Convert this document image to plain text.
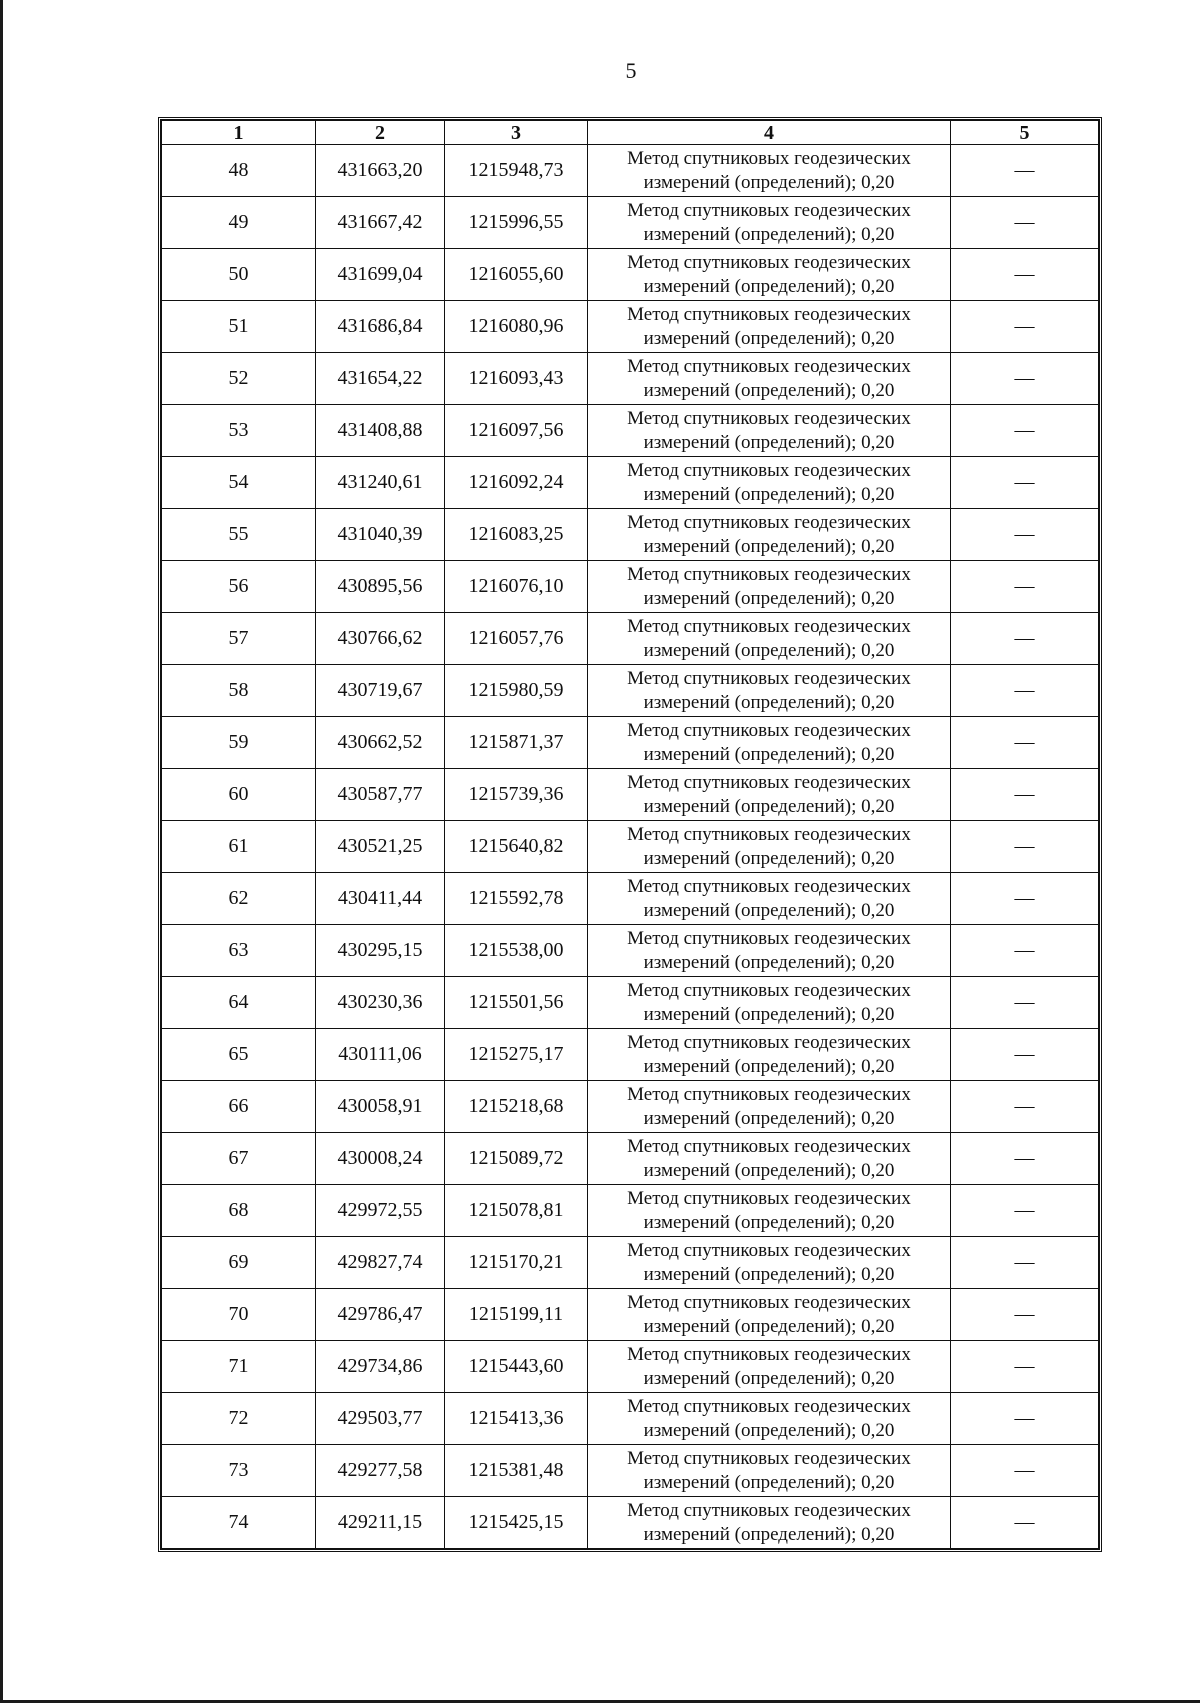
5
1	2	3	4	5
48	431663,20	1215948,73	Метод спутниковых геодезических
измерений (определений); 0,20	—
49	431667,42	1215996,55	Метод спутниковых геодезических
измерений (определений); 0,20	—
50	431699,04	1216055,60	Метод спутниковых геодезических
измерений (определений); 0,20	—
51	431686,84	1216080,96	Метод спутниковых геодезических
измерений (определений); 0,20	—
52	431654,22	1216093,43	Метод спутниковых геодезических
измерений (определений); 0,20	—
53	431408,88	1216097,56	Метод спутниковых геодезических
измерений (определений); 0,20	—
54	431240,61	1216092,24	Метод спутниковых геодезических
измерений (определений); 0,20	—
55	431040,39	1216083,25	Метод спутниковых геодезических
измерений (определений); 0,20	—
56	430895,56	1216076,10	Метод спутниковых геодезических
измерений (определений); 0,20	—
57	430766,62	1216057,76	Метод спутниковых геодезических
измерений (определений); 0,20	—
58	430719,67	1215980,59	Метод спутниковых геодезических
измерений (определений); 0,20	—
59	430662,52	1215871,37	Метод спутниковых геодезических
измерений (определений); 0,20	—
60	430587,77	1215739,36	Метод спутниковых геодезических
измерений (определений); 0,20	—
61	430521,25	1215640,82	Метод спутниковых геодезических
измерений (определений); 0,20	—
62	430411,44	1215592,78	Метод спутниковых геодезических
измерений (определений); 0,20	—
63	430295,15	1215538,00	Метод спутниковых геодезических
измерений (определений); 0,20	—
64	430230,36	1215501,56	Метод спутниковых геодезических
измерений (определений); 0,20	—
65	430111,06	1215275,17	Метод спутниковых геодезических
измерений (определений); 0,20	—
66	430058,91	1215218,68	Метод спутниковых геодезических
измерений (определений); 0,20	—
67	430008,24	1215089,72	Метод спутниковых геодезических
измерений (определений); 0,20	—
68	429972,55	1215078,81	Метод спутниковых геодезических
измерений (определений); 0,20	—
69	429827,74	1215170,21	Метод спутниковых геодезических
измерений (определений); 0,20	—
70	429786,47	1215199,11	Метод спутниковых геодезических
измерений (определений); 0,20	—
71	429734,86	1215443,60	Метод спутниковых геодезических
измерений (определений); 0,20	—
72	429503,77	1215413,36	Метод спутниковых геодезических
измерений (определений); 0,20	—
73	429277,58	1215381,48	Метод спутниковых геодезических
измерений (определений); 0,20	—
74	429211,15	1215425,15	Метод спутниковых геодезических
измерений (определений); 0,20	—
